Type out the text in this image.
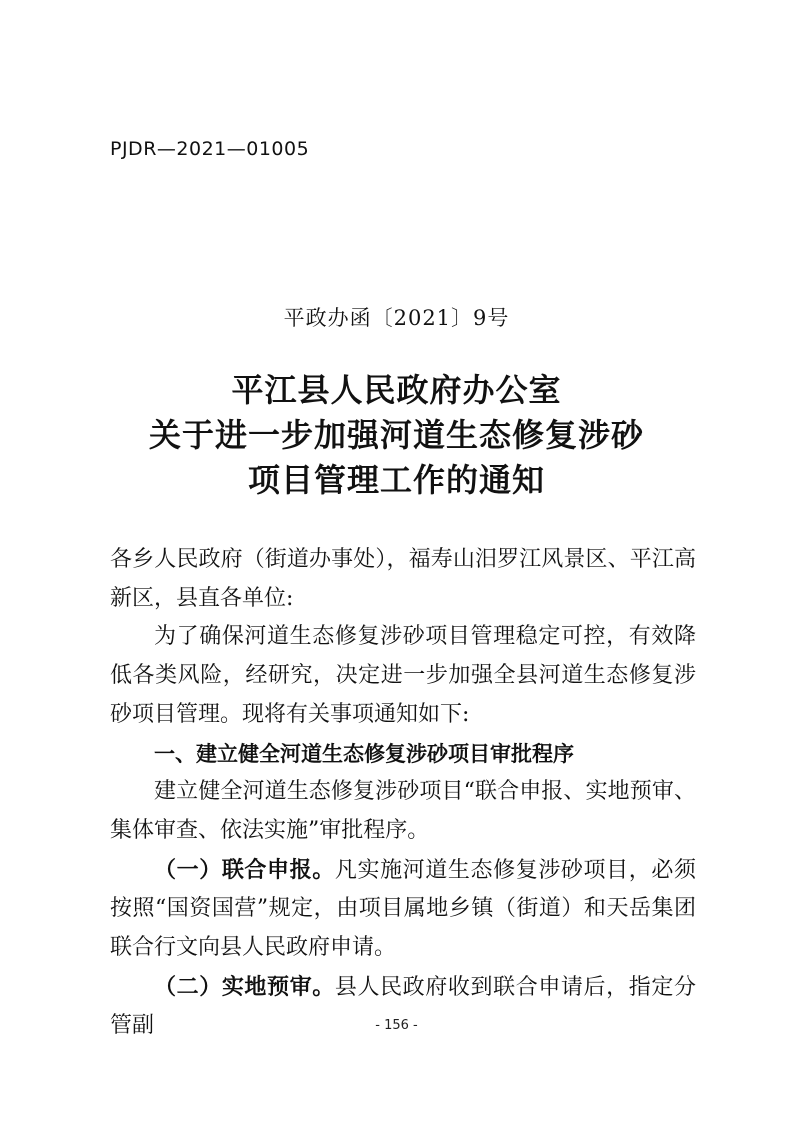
PJDR—2021—01005
平政办函〔2021〕9号
平江县人民政府办公室
关于进一步加强河道生态修复涉砂
项目管理工作的通知

各乡人民政府（街道办事处），福寿山汨罗江风景区、平江高新区，县直各单位:

为了确保河道生态修复涉砂项目管理稳定可控，有效降低各类风险，经研究，决定进一步加强全县河道生态修复涉砂项目管理。现将有关事项通知如下:

一、建立健全河道生态修复涉砂项目审批程序

建立健全河道生态修复涉砂项目“联合申报、实地预审、集体审查、依法实施”审批程序。

（一）联合申报。凡实施河道生态修复涉砂项目，必须按照“国资国营”规定，由项目属地乡镇（街道）和天岳集团联合行文向县人民政府申请。

（二）实地预审。县人民政府收到联合申请后，指定分管副	- 156 -
